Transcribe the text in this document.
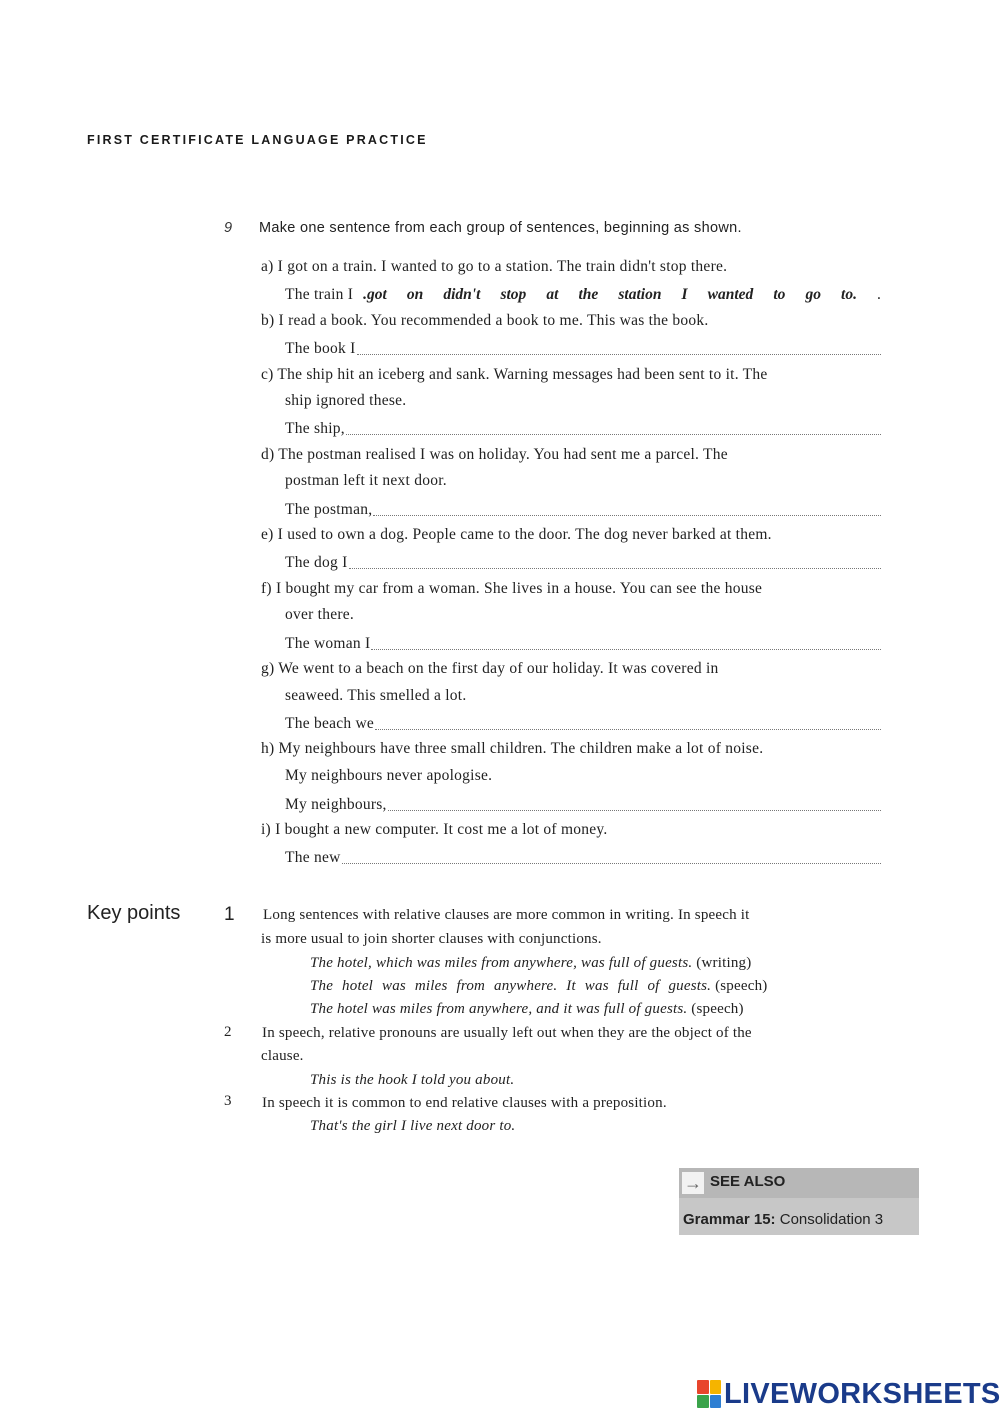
FIRST CERTIFICATE LANGUAGE PRACTICE
9 Make one sentence from each group of sentences, beginning as shown.
a) I got on a train. I wanted to go to a station. The train didn't stop there.
The train I .got on didn't stop at the station I wanted to go to. .
b) I read a book. You recommended a book to me. This was the book.
The book I
c) The ship hit an iceberg and sank. Warning messages had been sent to it. The
ship ignored these.
The ship,
d) The postman realised I was on holiday. You had sent me a parcel. The
postman left it next door.
The postman,
e) I used to own a dog. People came to the door. The dog never barked at them.
The dog I
f) I bought my car from a woman. She lives in a house. You can see the house
over there.
The woman I
g) We went to a beach on the first day of our holiday. It was covered in
seaweed. This smelled a lot.
The beach we
h) My neighbours have three small children. The children make a lot of noise.
My neighbours never apologise.
My neighbours,
i) I bought a new computer. It cost me a lot of money.
The new
Key points 1 Long sentences with relative clauses are more common in writing. In speech it
is more usual to join shorter clauses with conjunctions.
The hotel, which was miles from anywhere, was full of guests. (writing)
The hotel was miles from anywhere. It was full of guests. (speech)
The hotel was miles from anywhere, and it was full of guests. (speech)
2 In speech, relative pronouns are usually left out when they are the object of the
clause.
This is the hook I told you about.
3 In speech it is common to end relative clauses with a preposition.
That's the girl I live next door to.
→ SEE ALSO
Grammar 15: Consolidation 3
LIVEWORKSHEETS
